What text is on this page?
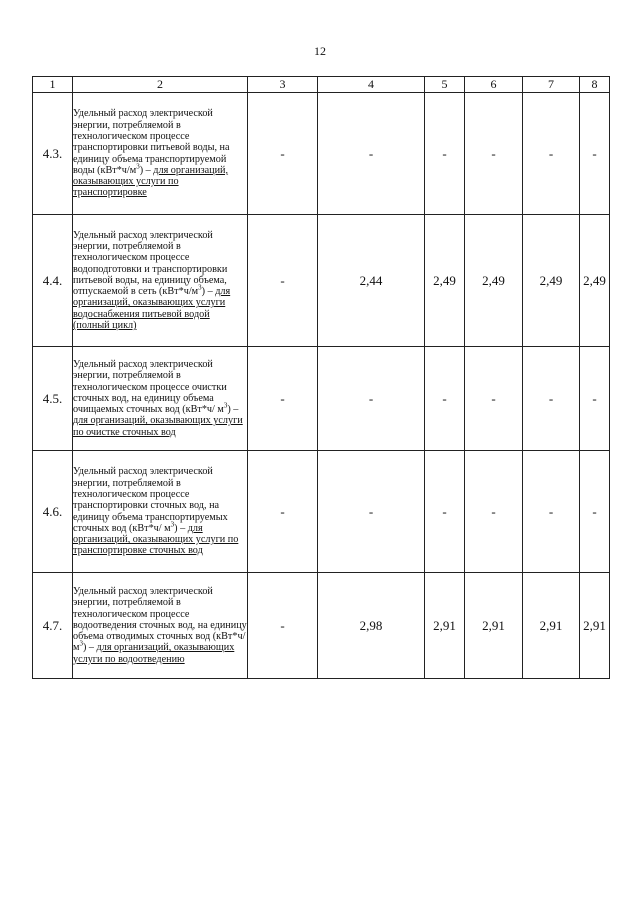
12
1	2	3	4	5	6	7	8
4.3.	Удельный расход электрической энергии, потребляемой в технологическом процессе транспортировки питьевой воды, на единицу объема транспортируемой воды $(кВт*ч/м^3)$ – для организаций, оказывающих услуги по транспортировке	-	-	-	-	-	-
4.4.	Удельный расход электрической энергии, потребляемой в технологическом процессе водоподготовки и транспортировки питьевой воды, на единицу объема, отпускаемой в сеть $(кВт*ч/м^3)$ – для организаций, оказывающих услуги водоснабжения питьевой водой (полный цикл)	-	2,44	2,49	2,49	2,49	2,49
4.5.	Удельный расход электрической энергии, потребляемой в технологическом процессе очистки сточных вод, на единицу объема очищаемых сточных вод (кВт*ч/ $м^3$) – для организаций, оказывающих услуги по очистке сточных вод	-	-	-	-	-	-
4.6.	Удельный расход электрической энергии, потребляемой в технологическом процессе транспортировки сточных вод, на единицу объема транспортируемых сточных вод (кВт*ч/ $м^3$) – для организаций, оказывающих услуги по транспортировке сточных вод	-	-	-	-	-	-
4.7.	Удельный расход электрической энергии, потребляемой в технологическом процессе водоотведения сточных вод, на единицу объема отводимых сточных вод (кВт*ч/ $м^3$) – для организаций, оказывающих услуги по водоотведению	-	2,98	2,91	2,91	2,91	2,91
